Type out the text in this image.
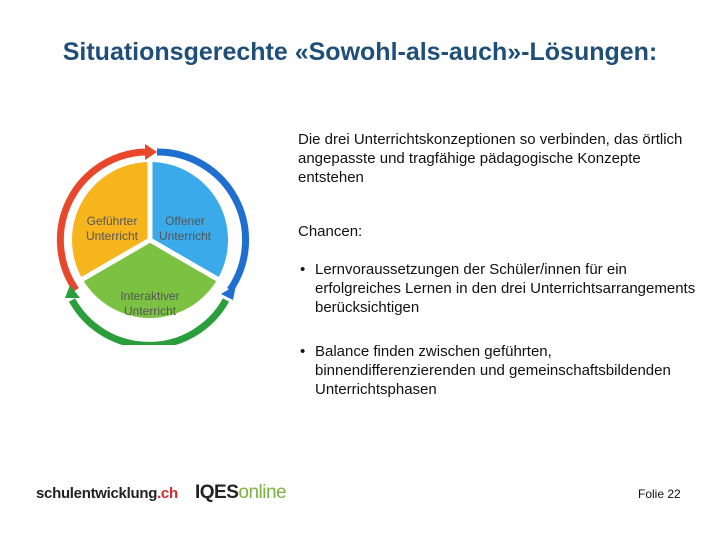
Situationsgerechte «Sowohl-als-auch»-Lösungen:
Geführter
Unterricht
Offener
Unterricht
Interaktiver
Unterricht
Die drei Unterrichtskonzeptionen so verbinden, das örtlich angepasste und tragfähige pädagogische Konzepte entstehen
Chancen:
• Lernvoraussetzungen der Schüler/innen für ein erfolgreiches Lernen in den drei Unterrichtsarrangements berücksichtigen
• Balance finden zwischen geführten, binnendifferenzierenden und gemeinschaftsbildenden Unterrichtsphasen
schulentwicklung.ch IQESonline	Folie 22
